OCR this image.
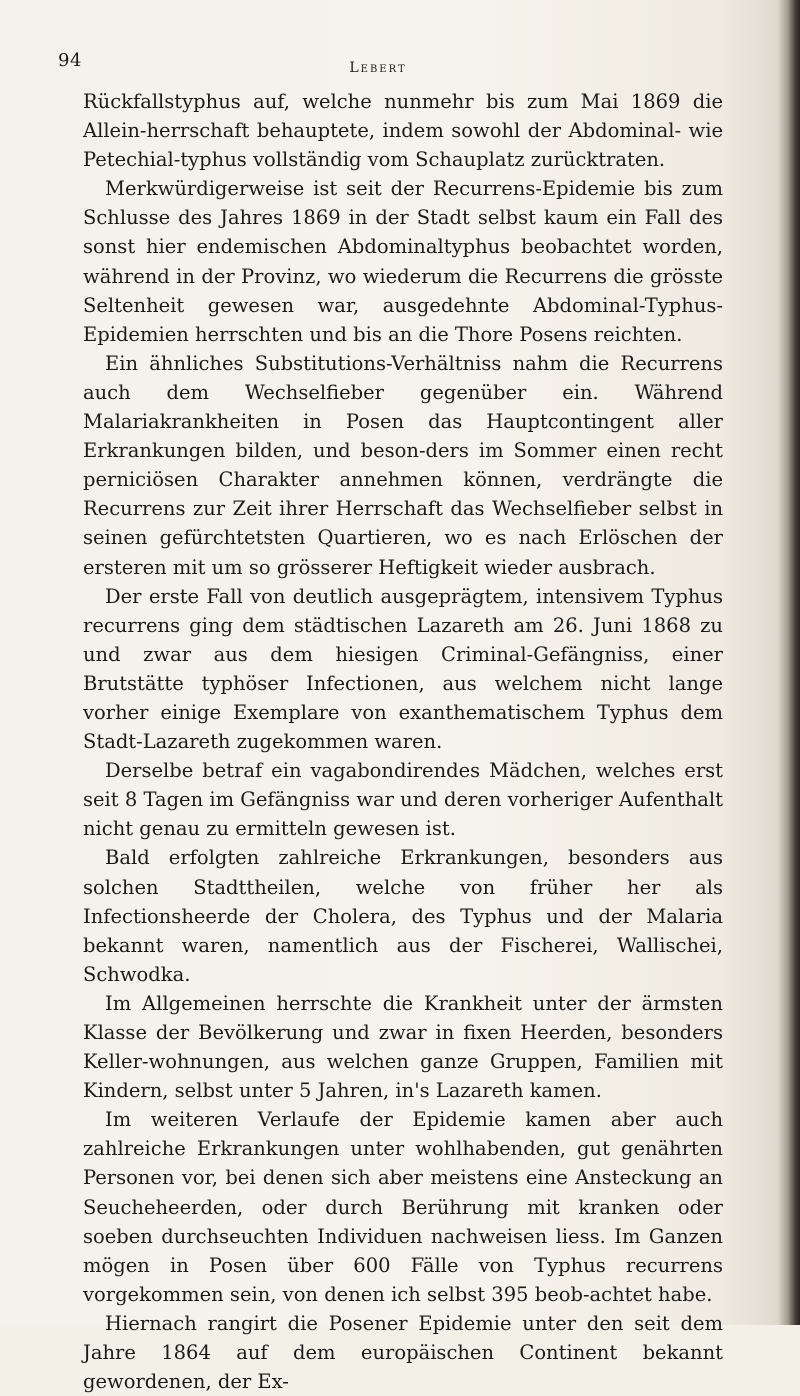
94	Lebert

Rückfallstyphus auf, welche nunmehr bis zum Mai 1869 die Allein-herrschaft behauptete, indem sowohl der Abdominal- wie Petechial-typhus vollständig vom Schauplatz zurücktraten.

Merkwürdigerweise ist seit der Recurrens-Epidemie bis zum Schlusse des Jahres 1869 in der Stadt selbst kaum ein Fall des sonst hier endemischen Abdominaltyphus beobachtet worden, während in der Provinz, wo wiederum die Recurrens die grösste Seltenheit gewesen war, ausgedehnte Abdominal-Typhus-Epidemien herrschten und bis an die Thore Posens reichten.

Ein ähnliches Substitutions-Verhältniss nahm die Recurrens auch dem Wechselfieber gegenüber ein. Während Malariakrankheiten in Posen das Hauptcontingent aller Erkrankungen bilden, und beson-ders im Sommer einen recht perniciösen Charakter annehmen können, verdrängte die Recurrens zur Zeit ihrer Herrschaft das Wechselfieber selbst in seinen gefürchtetsten Quartieren, wo es nach Erlöschen der ersteren mit um so grösserer Heftigkeit wieder ausbrach.

Der erste Fall von deutlich ausgeprägtem, intensivem Typhus recurrens ging dem städtischen Lazareth am 26. Juni 1868 zu und zwar aus dem hiesigen Criminal-Gefängniss, einer Brutstätte typhöser Infectionen, aus welchem nicht lange vorher einige Exemplare von exanthematischem Typhus dem Stadt-Lazareth zugekommen waren.

Derselbe betraf ein vagabondirendes Mädchen, welches erst seit 8 Tagen im Gefängniss war und deren vorheriger Aufenthalt nicht genau zu ermitteln gewesen ist.

Bald erfolgten zahlreiche Erkrankungen, besonders aus solchen Stadttheilen, welche von früher her als Infectionsheerde der Cholera, des Typhus und der Malaria bekannt waren, namentlich aus der Fischerei, Wallischei, Schwodka.

Im Allgemeinen herrschte die Krankheit unter der ärmsten Klasse der Bevölkerung und zwar in fixen Heerden, besonders Keller-wohnungen, aus welchen ganze Gruppen, Familien mit Kindern, selbst unter 5 Jahren, in's Lazareth kamen.

Im weiteren Verlaufe der Epidemie kamen aber auch zahlreiche Erkrankungen unter wohlhabenden, gut genährten Personen vor, bei denen sich aber meistens eine Ansteckung an Seucheheerden, oder durch Berührung mit kranken oder soeben durchseuchten Individuen nachweisen liess. Im Ganzen mögen in Posen über 600 Fälle von Typhus recurrens vorgekommen sein, von denen ich selbst 395 beob-achtet habe.

Hiernach rangirt die Posener Epidemie unter den seit dem Jahre 1864 auf dem europäischen Continent bekannt gewordenen, der Ex-
